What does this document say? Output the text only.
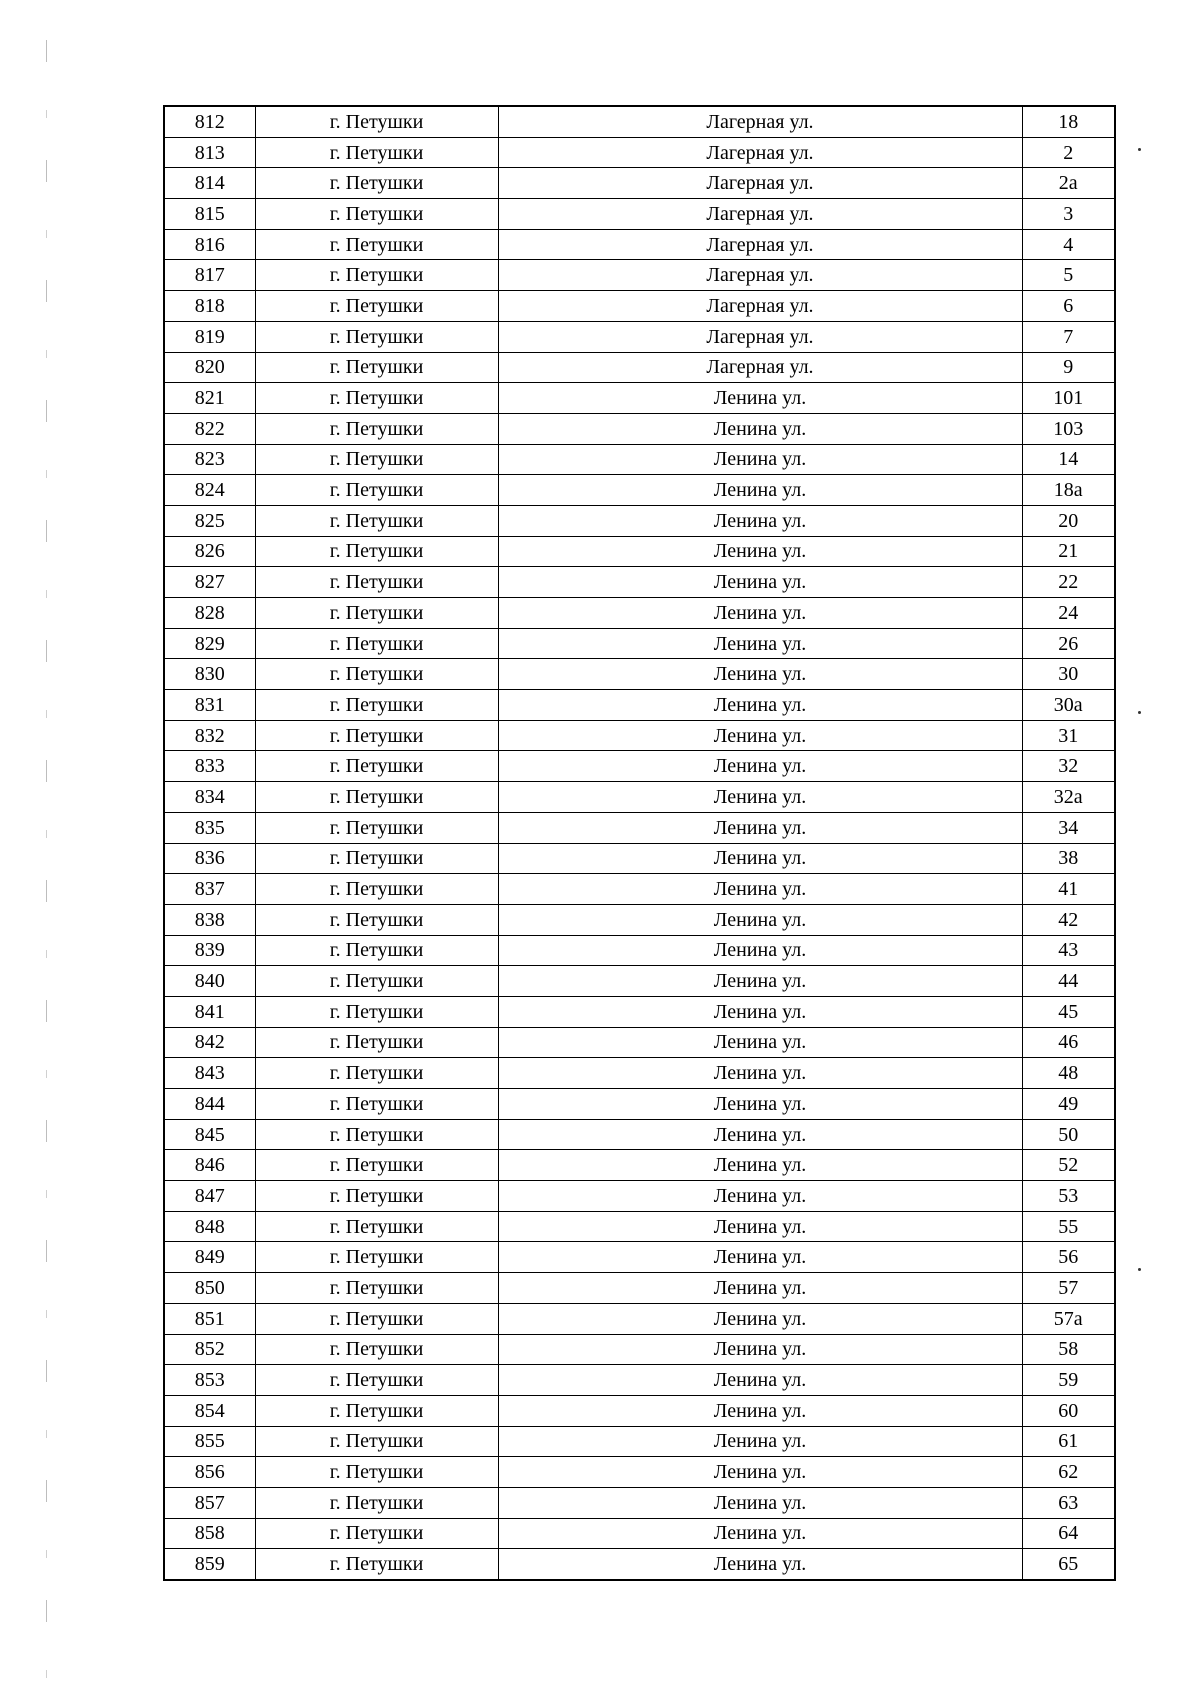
812	г. Петушки	Лагерная ул.	18
813	г. Петушки	Лагерная ул.	2
814	г. Петушки	Лагерная ул.	2а
815	г. Петушки	Лагерная ул.	3
816	г. Петушки	Лагерная ул.	4
817	г. Петушки	Лагерная ул.	5
818	г. Петушки	Лагерная ул.	6
819	г. Петушки	Лагерная ул.	7
820	г. Петушки	Лагерная ул.	9
821	г. Петушки	Ленина ул.	101
822	г. Петушки	Ленина ул.	103
823	г. Петушки	Ленина ул.	14
824	г. Петушки	Ленина ул.	18а
825	г. Петушки	Ленина ул.	20
826	г. Петушки	Ленина ул.	21
827	г. Петушки	Ленина ул.	22
828	г. Петушки	Ленина ул.	24
829	г. Петушки	Ленина ул.	26
830	г. Петушки	Ленина ул.	30
831	г. Петушки	Ленина ул.	30а
832	г. Петушки	Ленина ул.	31
833	г. Петушки	Ленина ул.	32
834	г. Петушки	Ленина ул.	32а
835	г. Петушки	Ленина ул.	34
836	г. Петушки	Ленина ул.	38
837	г. Петушки	Ленина ул.	41
838	г. Петушки	Ленина ул.	42
839	г. Петушки	Ленина ул.	43
840	г. Петушки	Ленина ул.	44
841	г. Петушки	Ленина ул.	45
842	г. Петушки	Ленина ул.	46
843	г. Петушки	Ленина ул.	48
844	г. Петушки	Ленина ул.	49
845	г. Петушки	Ленина ул.	50
846	г. Петушки	Ленина ул.	52
847	г. Петушки	Ленина ул.	53
848	г. Петушки	Ленина ул.	55
849	г. Петушки	Ленина ул.	56
850	г. Петушки	Ленина ул.	57
851	г. Петушки	Ленина ул.	57а
852	г. Петушки	Ленина ул.	58
853	г. Петушки	Ленина ул.	59
854	г. Петушки	Ленина ул.	60
855	г. Петушки	Ленина ул.	61
856	г. Петушки	Ленина ул.	62
857	г. Петушки	Ленина ул.	63
858	г. Петушки	Ленина ул.	64
859	г. Петушки	Ленина ул.	65
